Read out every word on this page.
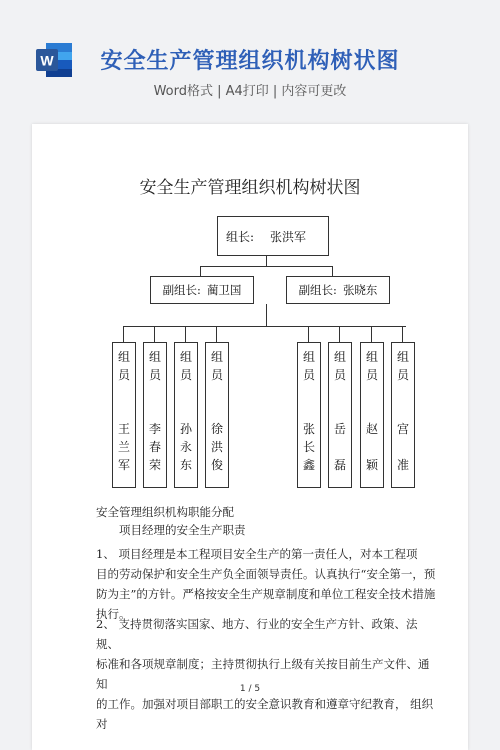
W	安全生产管理组织机构树状图
Word格式 | A4打印 | 内容可更改
安全生产管理组织机构树状图
组长: 张洪军
副组长: 蔺卫国	副组长: 张晓东
组
员
王
兰
军
组
员
李
春
荣
组
员
孙
永
东
组
员
徐
洪
俊
组
员
张
长
鑫
组
员
岳
磊
组
员
赵
颖
组
员
宫
准
安全管理组织机构职能分配
项目经理的安全生产职责
1、 项目经理是本工程项目安全生产的第一责任人，对本工程项
目的劳动保护和安全生产负全面领导责任。认真执行“安全第一，预
防为主”的方针。严格按安全生产规章制度和单位工程安全技术措施
执行。
2、 支持贯彻落实国家、地方、行业的安全生产方针、政策、法规、
标准和各项规章制度；主持贯彻执行上级有关按目前生产文件、通知
的工作。加强对项目部职工的安全意识教育和遵章守纪教育， 组织对
1 / 5
